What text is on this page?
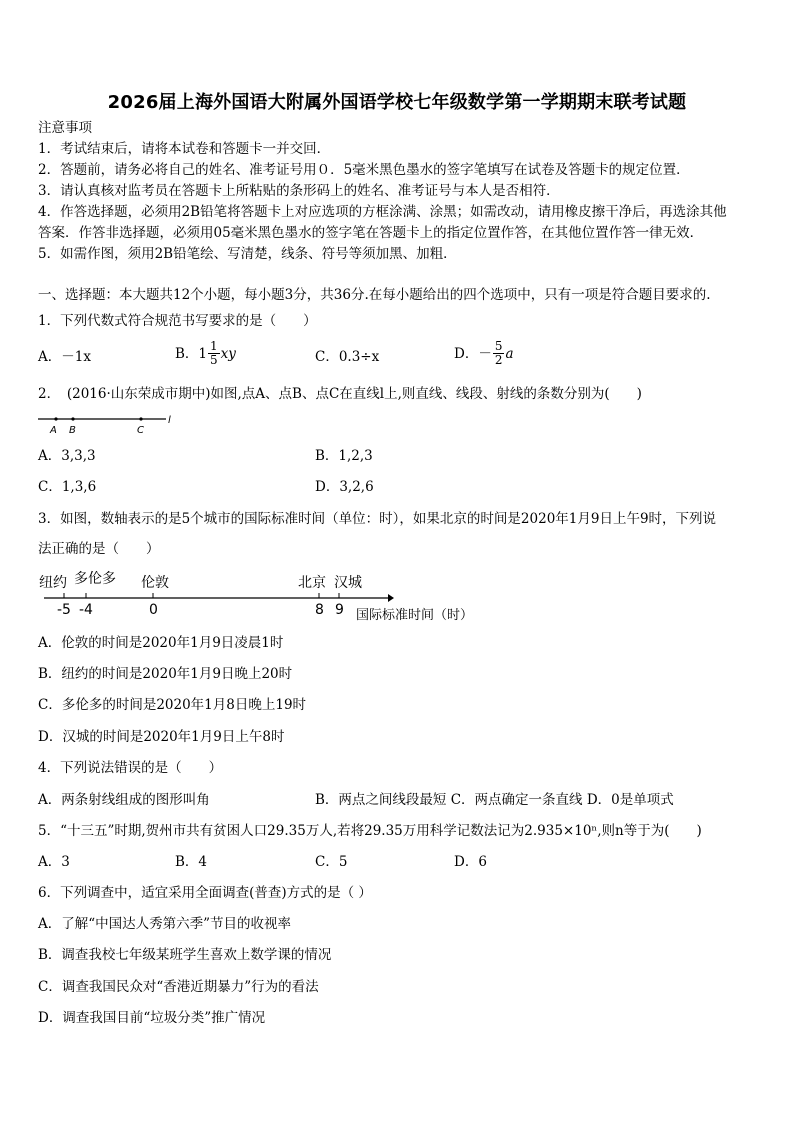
2026届上海外国语大附属外国语学校七年级数学第一学期期末联考试题
注意事项
1．考试结束后，请将本试卷和答题卡一并交回．
2．答题前，请务必将自己的姓名、准考证号用０．5毫米黑色墨水的签字笔填写在试卷及答题卡的规定位置．
3．请认真核对监考员在答题卡上所粘贴的条形码上的姓名、准考证号与本人是否相符．
4．作答选择题，必须用2B铅笔将答题卡上对应选项的方框涂满、涂黑；如需改动，请用橡皮擦干净后，再选涂其他
答案．作答非选择题，必须用05毫米黑色墨水的签字笔在答题卡上的指定位置作答，在其他位置作答一律无效．
5．如需作图，须用2B铅笔绘、写清楚，线条、符号等须加黑、加粗．
一、选择题：本大题共12个小题，每小题3分，共36分.在每小题给出的四个选项中，只有一项是符合题目要求的.
1．下列代数式符合规范书写要求的是（　　）
A．－1x	B．$1 \frac{1}{5}$ xy	C．0.3÷x	D．－ $\frac{5}{2}$ a
2．　(2016·山东荣成市期中)如图,点A、点B、点C在直线l上,则直线、线段、射线的条数分别为(　　)
A B	C
l
A．3,3,3	B．1,2,3
C．1,3,6	D．3,2,6
3．如图，数轴表示的是5个城市的国际标准时间（单位：时），如果北京的时间是2020年1月9日上午9时，下列说
法正确的是（　　）
纽约 多伦多 伦敦	北京 汉城
-5 -4	0	8 9 国际标准时间（时）
A．伦敦的时间是2020年1月9日凌晨1时
B．纽约的时间是2020年1月9日晚上20时
C．多伦多的时间是2020年1月8日晚上19时
D．汉城的时间是2020年1月9日上午8时
4．下列说法错误的是（　　）
A．两条射线组成的图形叫角	B．两点之间线段最短 C．两点确定一条直线 D．0是单项式
5．“十三五”时期,贺州市共有贫困人口29.35万人,若将29.35万用科学记数法记为2.935×10ⁿ,则n等于为(　　)
A．3	B．4	C．5	D．6
6．下列调查中，适宜采用全面调查(普查)方式的是（ ）
A．了解“中国达人秀第六季”节目的收视率
B．调查我校七年级某班学生喜欢上数学课的情况
C．调查我国民众对“香港近期暴力”行为的看法
D．调查我国目前“垃圾分类”推广情况
